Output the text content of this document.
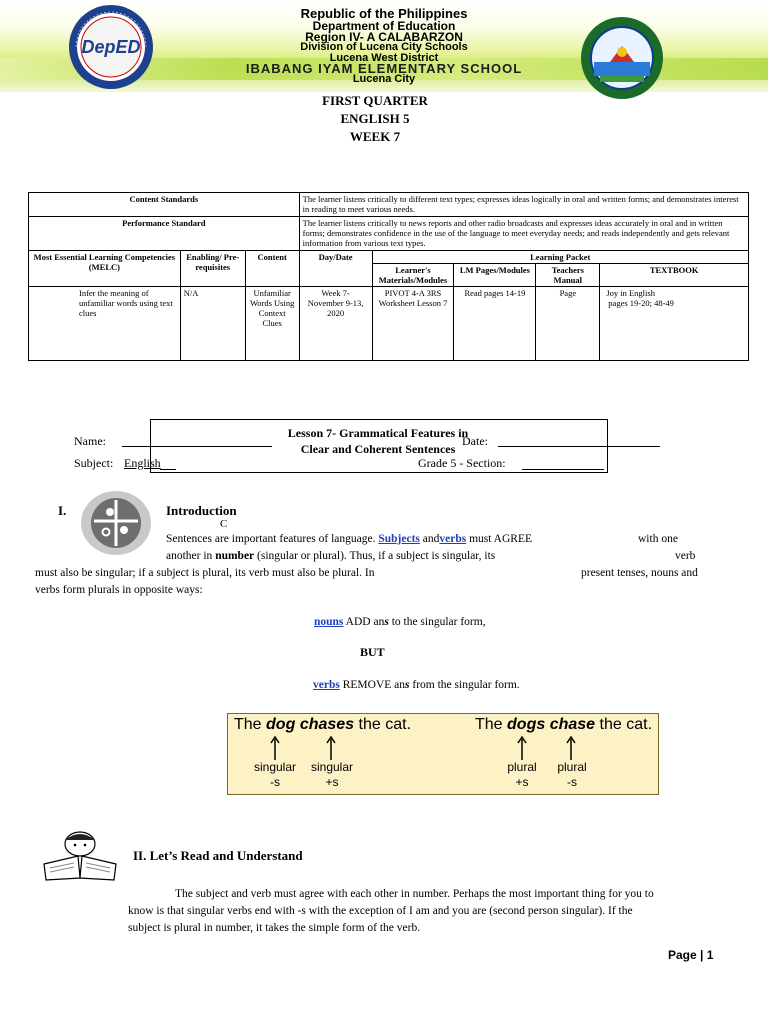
DepED
Republic of the Philippines
Department of Education
Region IV- A CALABARZON
Division of Lucena City Schools
Lucena West District
IBABANG IYAM ELEMENTARY SCHOOL
Lucena City
FIRST QUARTER
ENGLISH 5
WEEK 7
Content Standards			The learner listens critically to different text types; expresses ideas logically in oral and written forms; and demonstrates interest in reading to meet various needs.				
Performance Standard			The learner listens critically to news reports and other radio broadcasts and expresses ideas accurately in oral and in written forms; demonstrates confidence in the use of the language to meet everyday needs; and reads independently and gets relevant information from various text types.				
Most Essential Learning Competencies (MELC)	Enabling/ Pre-requisites	Content	Day/Date	Learning Packet			
				Learner's Materials/Modules	LM Pages/Modules	Teachers Manual	TEXTBOOK
Infer the meaning of unfamiliar words using text clues	N/A	Unfamiliar Words Using Context Clues	Week 7- November 9-13, 2020	PIVOT 4-A 3RS Worksheet Lesson 7	Read pages 14-19	Page	Joy in English
pages 19-20; 48-49
Lesson 7- Grammatical Features in
Clear and Coherent Sentences
Name:	Date:
Subject: English	Grade 5 - Section:
I.	Introduction
C
Sentences are important features of language. Subjects andverbs must AGREE	with one
another in number (singular or plural). Thus, if a subject is singular, its	verb
must also be singular; if a subject is plural, its verb must also be plural. In	present tenses, nouns and
verbs form plurals in opposite ways:
nouns ADD ans to the singular form,
BUT
verbs REMOVE ans from the singular form.
The dog chases the cat.	The dogs chase the cat.
singular
-s
singular
+s
plural
+s
plural
-s
II. Let’s Read and Understand
The subject and verb must agree with each other in number. Perhaps the most important thing for you to
know is that singular verbs end with -s with the exception of I am and you are (second person singular). If the
subject is plural in number, it takes the simple form of the verb.
Page | 1
